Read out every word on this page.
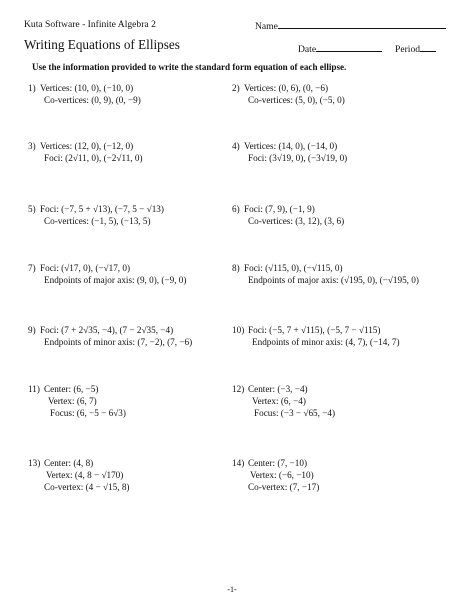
Kuta Software - Infinite Algebra 2	Name
Writing Equations of Ellipses	Date	Period
Use the information provided to write the standard form equation of each ellipse.
1) Vertices: (10, 0), (−10, 0)
Co-vertices: (0, 9), (0, −9)
3) Vertices: (12, 0), (−12, 0)
Foci: (2√11, 0), (−2√11, 0)
5) Foci: (−7, 5 + √13), (−7, 5 − √13)
Co-vertices: (−1, 5), (−13, 5)
7) Foci: (√17, 0), (−√17, 0)
Endpoints of major axis: (9, 0), (−9, 0)
9) Foci: (7 + 2√35, −4), (7 − 2√35, −4)
Endpoints of minor axis: (7, −2), (7, −6)
11) Center: (6, −5)
Vertex: (6, 7)
Focus: (6, −5 − 6√3)
13) Center: (4, 8)
Vertex: (4, 8 − √170)
Co-vertex: (4 − √15, 8)
2) Vertices: (0, 6), (0, −6)
Co-vertices: (5, 0), (−5, 0)
4) Vertices: (14, 0), (−14, 0)
Foci: (3√19, 0), (−3√19, 0)
6) Foci: (7, 9), (−1, 9)
Co-vertices: (3, 12), (3, 6)
8) Foci: (√115, 0), (−√115, 0)
Endpoints of major axis: (√195, 0), (−√195, 0)
10) Foci: (−5, 7 + √115), (−5, 7 − √115)
Endpoints of minor axis: (4, 7), (−14, 7)
12) Center: (−3, −4)
Vertex: (6, −4)
Focus: (−3 − √65, −4)
14) Center: (7, −10)
Vertex: (−6, −10)
Co-vertex: (7, −17)
-1-
